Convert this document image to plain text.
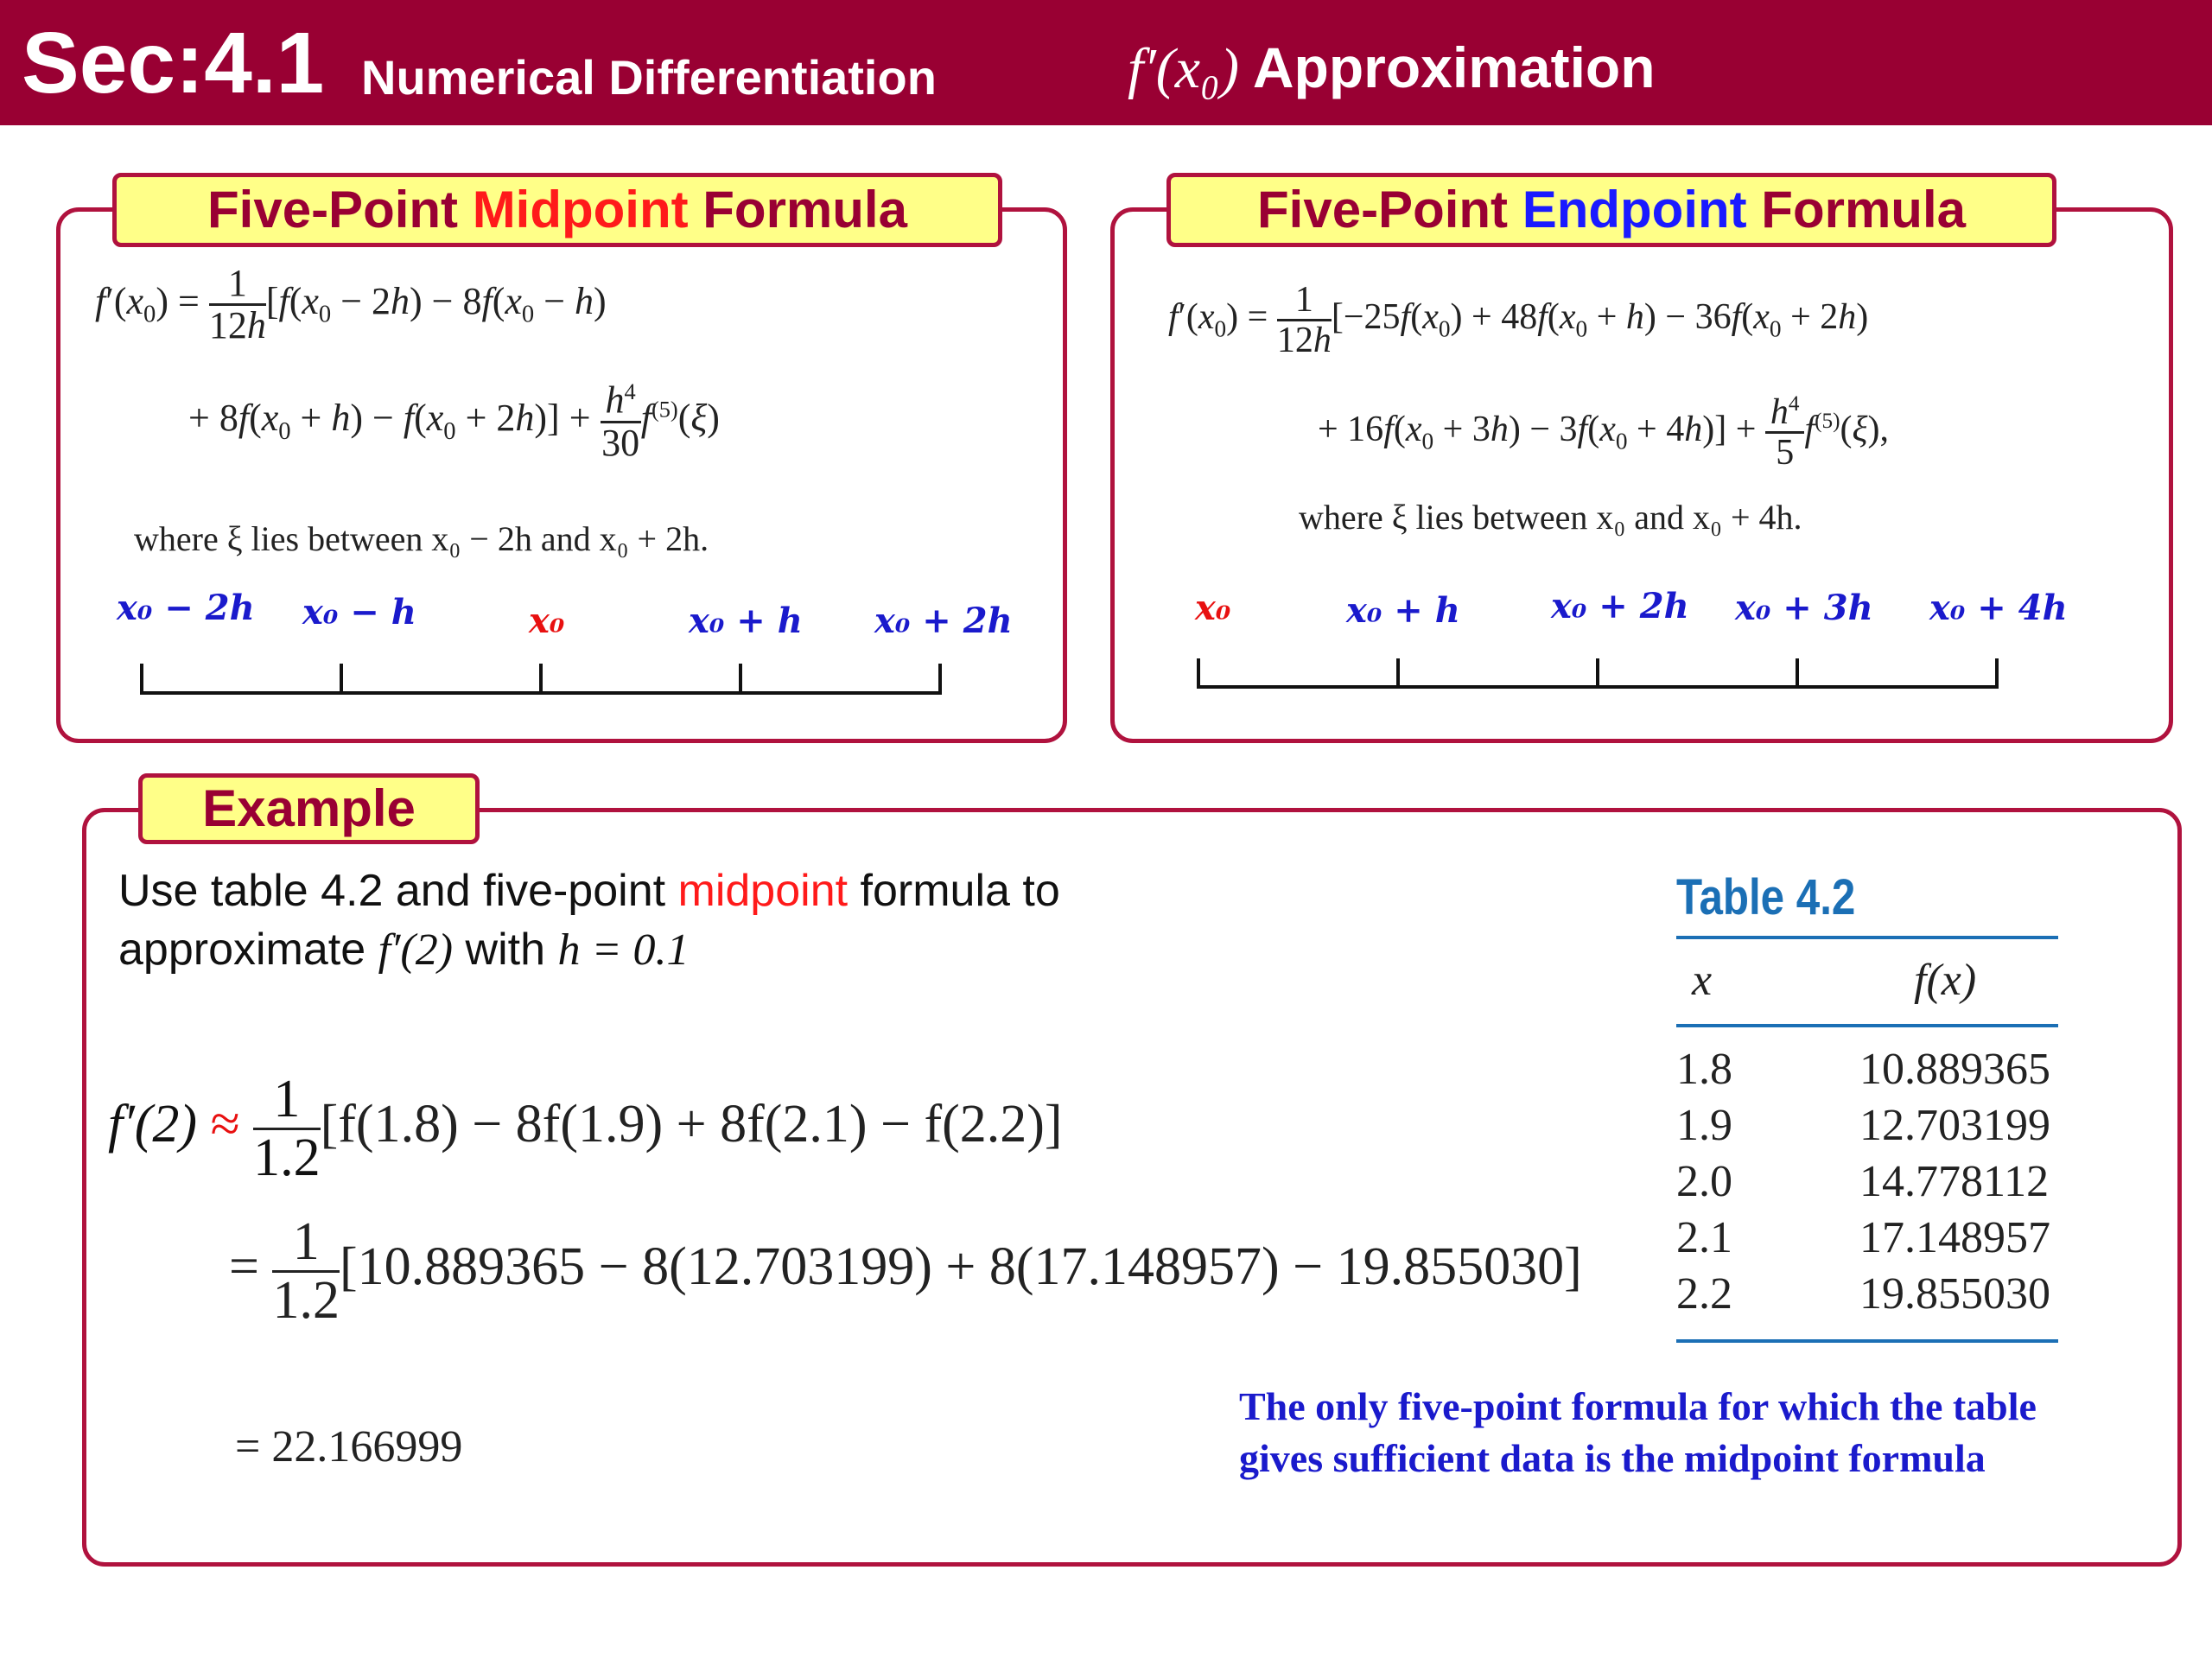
Sec:4.1 Numerical Differentiation	f′(x₀) Approximation
Five-Point Midpoint Formula
$f'(x_0) = \frac{1}{12h} [f(x_0 - 2h) - 8f(x_0 - h)$
+ $8f(x_0 + h) - f(x_0 + 2h)] + \frac{h^4}{30} f^{(5)}(\xi)$
where ξ lies between x₀ − 2h and x₀ + 2h.
x₀ − 2h x₀ − h	x₀	x₀ + h x₀ + 2h
Five-Point Endpoint Formula
$f'(x_0) = \frac{1}{12h} [-25f(x_0) + 48f(x_0 + h) - 36f(x_0 + 2h)$
+ $16f(x_0 + 3h) - 3f(x_0 + 4h)] + \frac{h^4}{5} f^{(5)}(\xi)$,
where ξ lies between x₀ and x₀ + 4h.
x₀	x₀ + h	x₀ + 2h x₀ + 3h x₀ + 4h
Example
Use table 4.2 and five-point midpoint formula to
approximate f′(2) with h = 0.1
$f'(2) \approx \frac{1}{1.2} [f(1.8) - 8f(1.9) + 8f(2.1) - f(2.2)]$
= $\frac{1}{1.2} [10.889365 - 8(12.703199) + 8(17.148957) - 19.855030]$
= 22.166999
Table 4.2
x	f(x)
1.8	10.889365
1.9	12.703199
2.0	14.778112
2.1	17.148957
2.2	19.855030
The only five-point formula for which the table
gives sufficient data is the midpoint formula
